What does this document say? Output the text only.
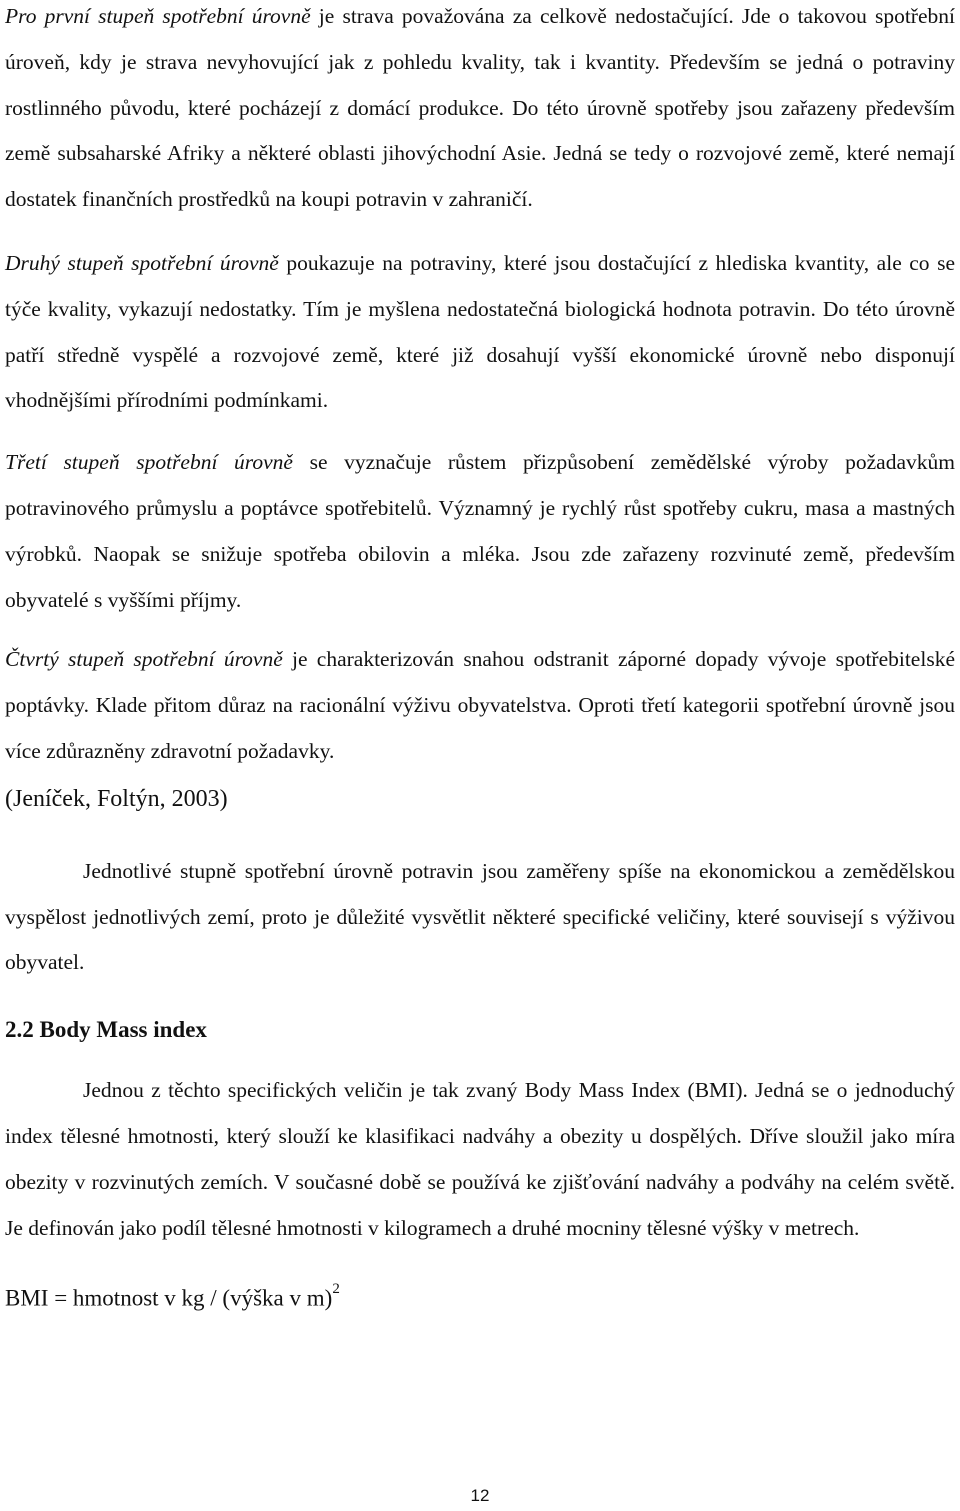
Pro první stupeň spotřební úrovně je strava považována za celkově nedostačující. Jde o takovou spotřební úroveň, kdy je strava nevyhovující jak z pohledu kvality, tak i kvantity. Především se jedná o potraviny rostlinného původu, které pocházejí z domácí produkce. Do této úrovně spotřeby jsou zařazeny především země subsaharské Afriky a některé oblasti jihovýchodní Asie. Jedná se tedy o rozvojové země, které nemají dostatek finančních prostředků na koupi potravin v zahraničí.

Druhý stupeň spotřební úrovně poukazuje na potraviny, které jsou dostačující z hlediska kvantity, ale co se týče kvality, vykazují nedostatky. Tím je myšlena nedostatečná biologická hodnota potravin. Do této úrovně patří středně vyspělé a rozvojové země, které již dosahují vyšší ekonomické úrovně nebo disponují vhodnějšími přírodními podmínkami.

Třetí stupeň spotřební úrovně se vyznačuje růstem přizpůsobení zemědělské výroby požadavkům potravinového průmyslu a poptávce spotřebitelů. Významný je rychlý růst spotřeby cukru, masa a mastných výrobků. Naopak se snižuje spotřeba obilovin a mléka. Jsou zde zařazeny rozvinuté země, především obyvatelé s vyššími příjmy.

Čtvrtý stupeň spotřební úrovně je charakterizován snahou odstranit záporné dopady vývoje spotřebitelské poptávky. Klade přitom důraz na racionální výživu obyvatelstva. Oproti třetí kategorii spotřební úrovně jsou více zdůrazněny zdravotní požadavky.
(Jeníček, Foltýn, 2003)

Jednotlivé stupně spotřební úrovně potravin jsou zaměřeny spíše na ekonomickou a zemědělskou vyspělost jednotlivých zemí, proto je důležité vysvětlit některé specifické veličiny, které souvisejí s výživou obyvatel.

2.2 Body Mass index

Jednou z těchto specifických veličin je tak zvaný Body Mass Index (BMI). Jedná se o jednoduchý index tělesné hmotnosti, který slouží ke klasifikaci nadváhy a obezity u dospělých. Dříve sloužil jako míra obezity v rozvinutých zemích. V současné době se používá ke zjišťování nadváhy a podváhy na celém světě. Je definován jako podíl tělesné hmotnosti v kilogramech a druhé mocniny tělesné výšky v metrech.

BMI = hmotnost v kg / (výška v m)$^2$
12
